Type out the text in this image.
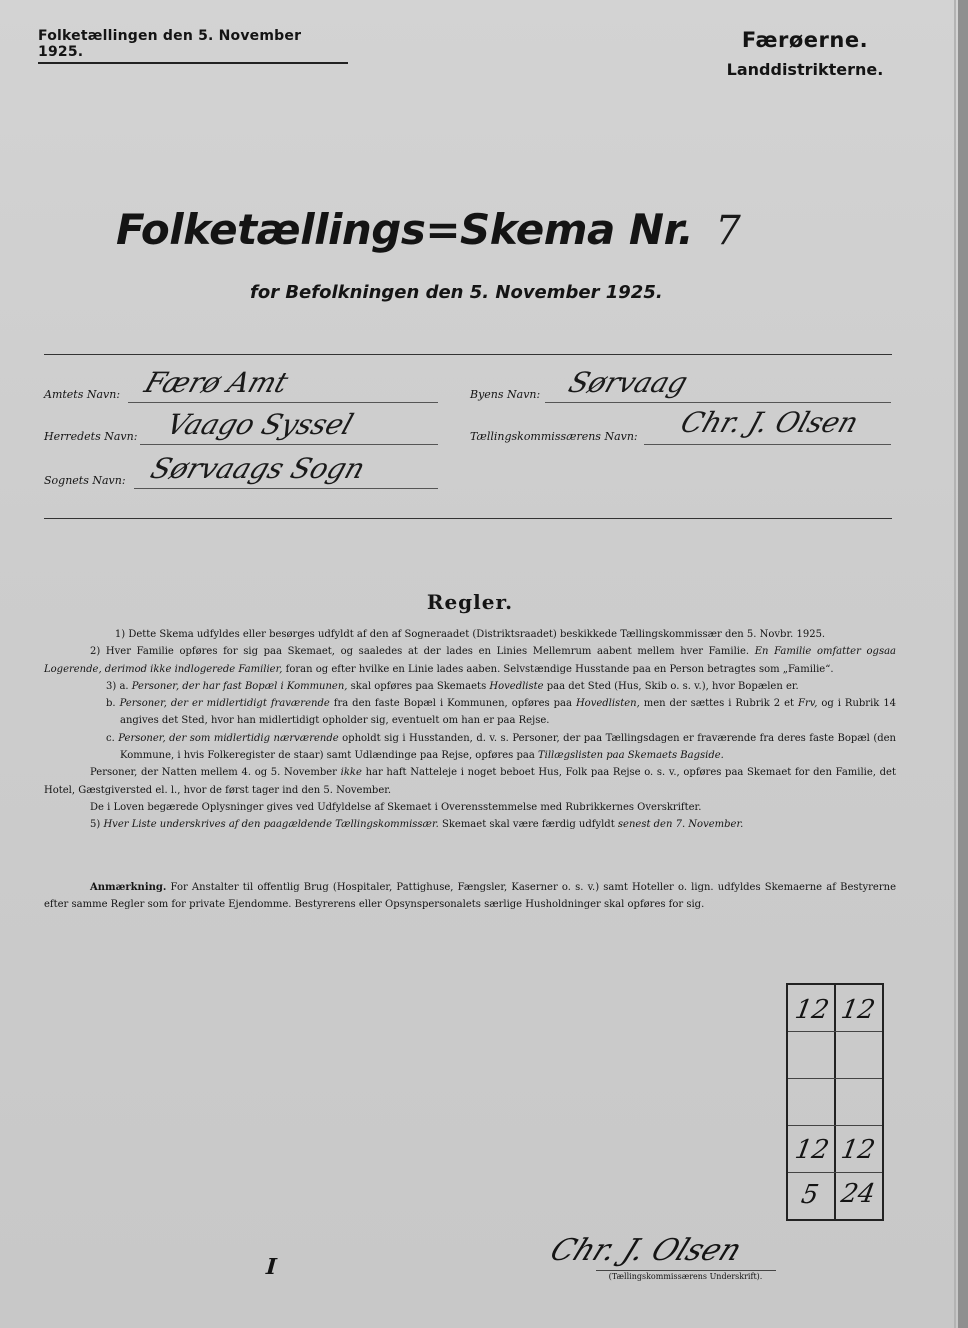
Folketællingen den 5. November 1925.	Færøerne.
Landdistrikterne.
Folketællings=Skema Nr. 7
for Befolkningen den 5. November 1925.
Amtets Navn: Færø Amt
Herredets Navn: Vaago Syssel
Sognets Navn: Sørvaags Sogn
Byens Navn: Sørvaag
Tællingskommissærens Navn: Chr. J. Olsen
Regler.

1) Dette Skema udfyldes eller besørges udfyldt af den af Sogneraadet (Distriktsraadet) beskikkede Tællingskommissær den 5. Novbr. 1925.

2) Hver Familie opføres for sig paa Skemaet, og saaledes at der lades en Linies Mellemrum aabent mellem hver Familie. En Familie omfatter ogsaa Logerende, derimod ikke indlogerede Familier, foran og efter hvilke en Linie lades aaben. Selvstændige Husstande paa en Person betragtes som „Familie“.

3) a. Personer, der har fast Bopæl i Kommunen, skal opføres paa Skemaets Hovedliste paa det Sted (Hus, Skib o. s. v.), hvor Bopælen er.

b. Personer, der er midlertidigt fraværende fra den faste Bopæl i Kommunen, opføres paa Hovedlisten, men der sættes i Rubrik 2 et Frv, og i Rubrik 14 angives det Sted, hvor han midlertidigt opholder sig, eventuelt om han er paa Rejse.

c. Personer, der som midlertidig nærværende opholdt sig i Husstanden, d. v. s. Personer, der paa Tællingsdagen er fraværende fra deres faste Bopæl (den Kommune, i hvis Folkeregister de staar) samt Udlændinge paa Rejse, opføres paa Tillægslisten paa Skemaets Bagside.

Personer, der Natten mellem 4. og 5. November ikke har haft Natteleje i noget beboet Hus, Folk paa Rejse o. s. v., opføres paa Skemaet for den Familie, det Hotel, Gæstgiversted el. l., hvor de først tager ind den 5. November.

De i Loven begærede Oplysninger gives ved Udfyldelse af Skemaet i Overensstemmelse med Rubrikkernes Overskrifter.

5) Hver Liste underskrives af den paagældende Tællingskommissær. Skemaet skal være færdig udfyldt senest den 7. November.

Anmærkning. For Anstalter til offentlig Brug (Hospitaler, Pattighuse, Fængsler, Kaserner o. s. v.) samt Hoteller o. lign. udfyldes Skemaerne af Bestyrerne efter samme Regler som for private Ejendomme. Bestyrerens eller Opsynspersonalets særlige Husholdninger skal opføres for sig.
12 12
12 12
24
5
Chr. J. Olsen
(Tællingskommissærens Underskrift).
I
